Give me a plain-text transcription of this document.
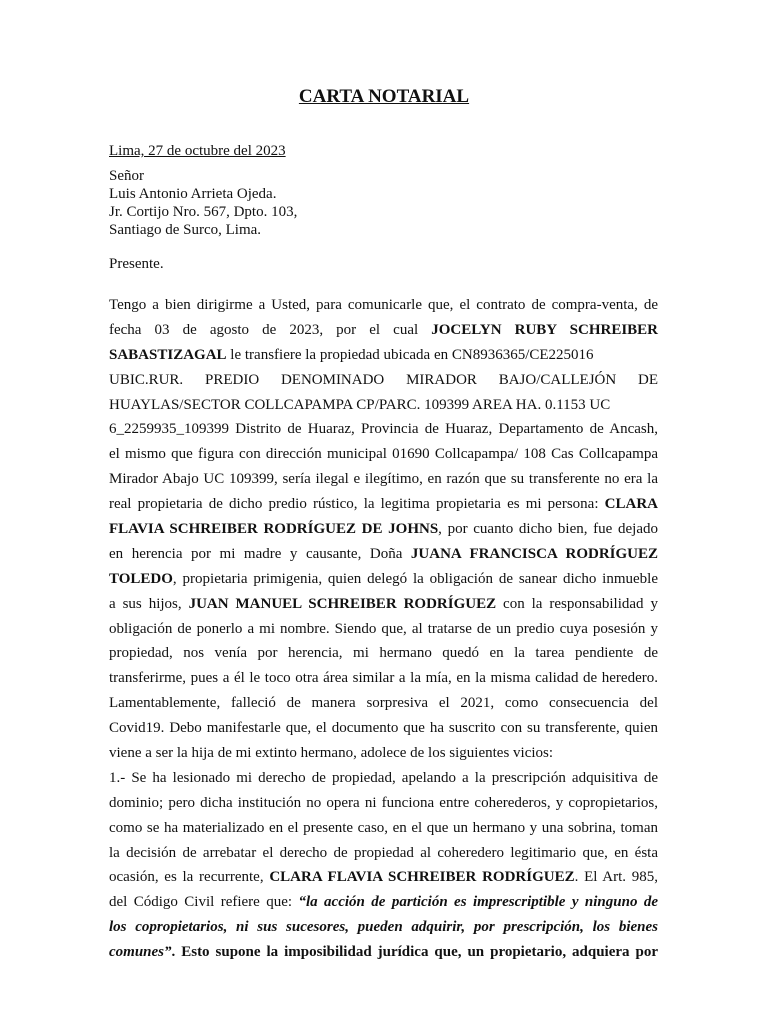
CARTA NOTARIAL
Lima, 27 de octubre del 2023
Señor
Luis Antonio Arrieta Ojeda.
Jr. Cortijo Nro. 567, Dpto. 103,
Santiago de Surco, Lima.
Presente.
Tengo a bien dirigirme a Usted, para comunicarle que, el contrato de compra-venta, de
fecha 03 de agosto de 2023, por el cual JOCELYN RUBY SCHREIBER
SABASTIZAGAL le transfiere la propiedad ubicada en CN8936365/CE225016
UBIC.RUR. PREDIO DENOMINADO MIRADOR BAJO/CALLEJÓN DE
HUAYLAS/SECTOR COLLCAPAMPA CP/PARC. 109399 AREA HA. 0.1153 UC
6_2259935_109399 Distrito de Huaraz, Provincia de Huaraz, Departamento de Ancash,
el mismo que figura con dirección municipal 01690 Collcapampa/ 108 Cas Collcapampa
Mirador Abajo UC 109399, sería ilegal e ilegítimo, en razón que su transferente no era la
real propietaria de dicho predio rústico, la legitima propietaria es mi persona: CLARA
FLAVIA SCHREIBER RODRÍGUEZ DE JOHNS, por cuanto dicho bien, fue dejado
en herencia por mi madre y causante, Doña JUANA FRANCISCA RODRÍGUEZ
TOLEDO, propietaria primigenia, quien delegó la obligación de sanear dicho inmueble
a sus hijos, JUAN MANUEL SCHREIBER RODRÍGUEZ con la responsabilidad y
obligación de ponerlo a mi nombre. Siendo que, al tratarse de un predio cuya posesión y
propiedad, nos venía por herencia, mi hermano quedó en la tarea pendiente de
transferirme, pues a él le toco otra área similar a la mía, en la misma calidad de heredero.
Lamentablemente, falleció de manera sorpresiva el 2021, como consecuencia del
Covid19. Debo manifestarle que, el documento que ha suscrito con su transferente, quien
viene a ser la hija de mi extinto hermano, adolece de los siguientes vicios:
1.- Se ha lesionado mi derecho de propiedad, apelando a la prescripción adquisitiva de
dominio; pero dicha institución no opera ni funciona entre coherederos, y copropietarios,
como se ha materializado en el presente caso, en el que un hermano y una sobrina, toman
la decisión de arrebatar el derecho de propiedad al coheredero legitimario que, en ésta
ocasión, es la recurrente, CLARA FLAVIA SCHREIBER RODRÍGUEZ. El Art. 985,
del Código Civil refiere que: “la acción de partición es imprescriptible y ninguno de
los copropietarios, ni sus sucesores, pueden adquirir, por prescripción, los bienes
comunes”. Esto supone la imposibilidad jurídica que, un propietario, adquiera por
